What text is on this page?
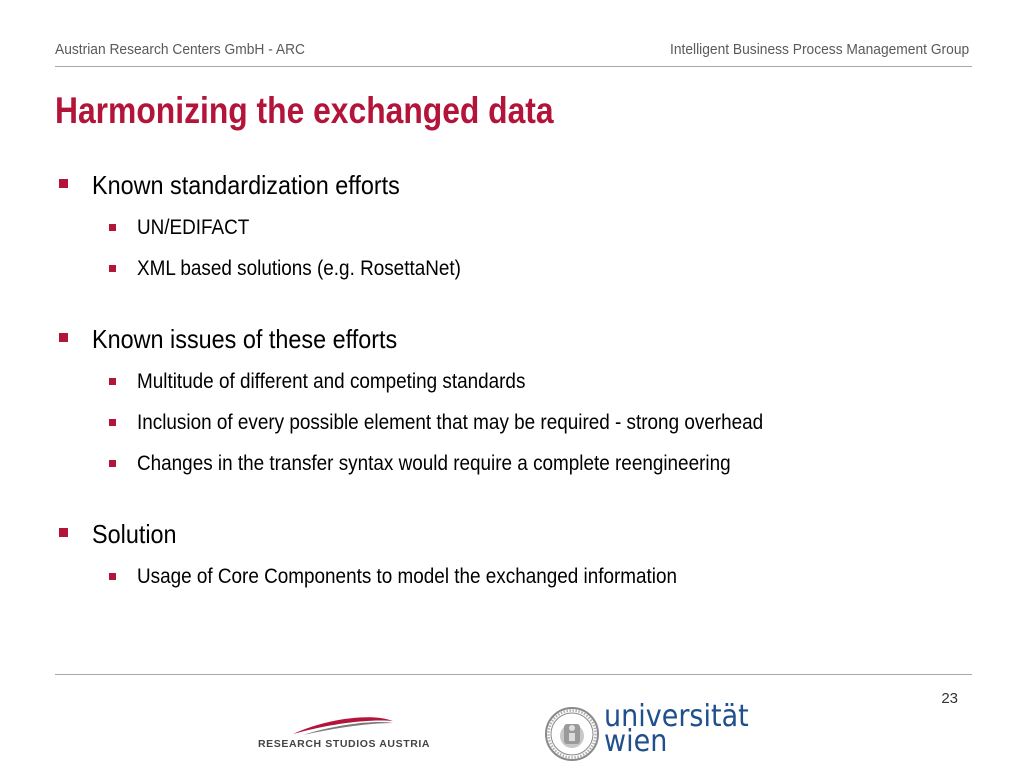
Austrian Research Centers GmbH - ARC	Intelligent Business Process Management Group
Harmonizing the exchanged data
Known standardization efforts
UN/EDIFACT
XML based solutions (e.g. RosettaNet)
Known issues of these efforts
Multitude of different and competing standards
Inclusion of every possible element that may be required - strong overhead
Changes in the transfer syntax would require a complete reengineering
Solution
Usage of Core Components to model the exchanged information
23
RESEARCH STUDIOS AUSTRIA
universität
wien
